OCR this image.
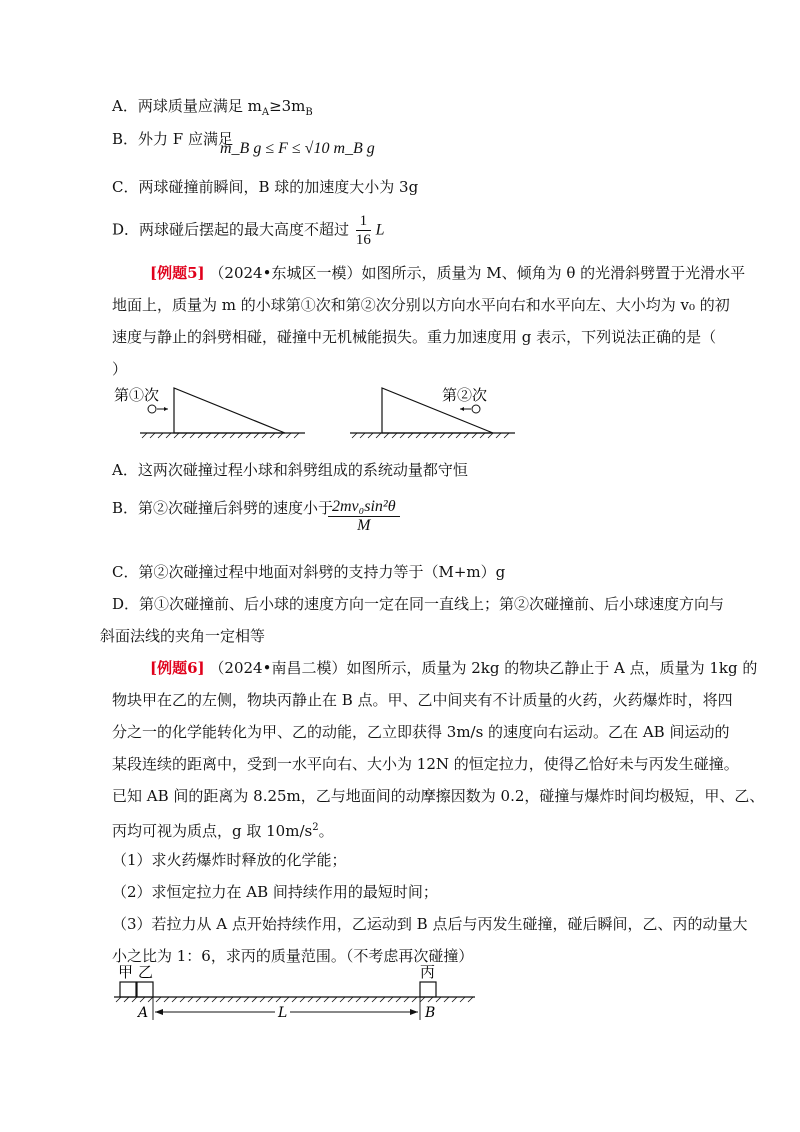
A．两球质量应满足 $m_A\ge 3m_B$
B．外力 F 应满足
m_B g ≤ F ≤ √10 m_B g
C．两球碰撞前瞬间，B 球的加速度大小为 3g
D．两球碰后摆起的最大高度不超过 $\frac{1}{16}$ L
[例题5] （2024•东城区一模）如图所示，质量为 M、倾角为 θ 的光滑斜劈置于光滑水平
地面上，质量为 m 的小球第①次和第②次分别以方向水平向右和水平向左、大小均为 v₀ 的初
速度与静止的斜劈相碰，碰撞中无机械能损失。重力加速度用 g 表示，下列说法正确的是（
）
第①次	第②次
A．这两次碰撞过程小球和斜劈组成的系统动量都守恒
B．第②次碰撞后斜劈的速度小于
$\frac{\text{2mv₀sin²θ}}{M}$
C．第②次碰撞过程中地面对斜劈的支持力等于（M+m）g
D．第①次碰撞前、后小球的速度方向一定在同一直线上；第②次碰撞前、后小球速度方向与
斜面法线的夹角一定相等
[例题6] （2024•南昌二模）如图所示，质量为 2kg 的物块乙静止于 A 点，质量为 1kg 的
物块甲在乙的左侧，物块丙静止在 B 点。甲、乙中间夹有不计质量的火药，火药爆炸时，将四
分之一的化学能转化为甲、乙的动能，乙立即获得 3m/s 的速度向右运动。乙在 AB 间运动的
某段连续的距离中，受到一水平向右、大小为 12N 的恒定拉力，使得乙恰好未与丙发生碰撞。
已知 AB 间的距离为 8.25m，乙与地面间的动摩擦因数为 0.2，碰撞与爆炸时间均极短，甲、乙、
丙均可视为质点，g 取 $10m/s^2$。
（1）求火药爆炸时释放的化学能；
（2）求恒定拉力在 AB 间持续作用的最短时间；
（3）若拉力从 A 点开始持续作用，乙运动到 B 点后与丙发生碰撞，碰后瞬间，乙、丙的动量大
小之比为 1：6，求丙的质量范围。（不考虑再次碰撞）
甲 乙	丙
A	B
L
